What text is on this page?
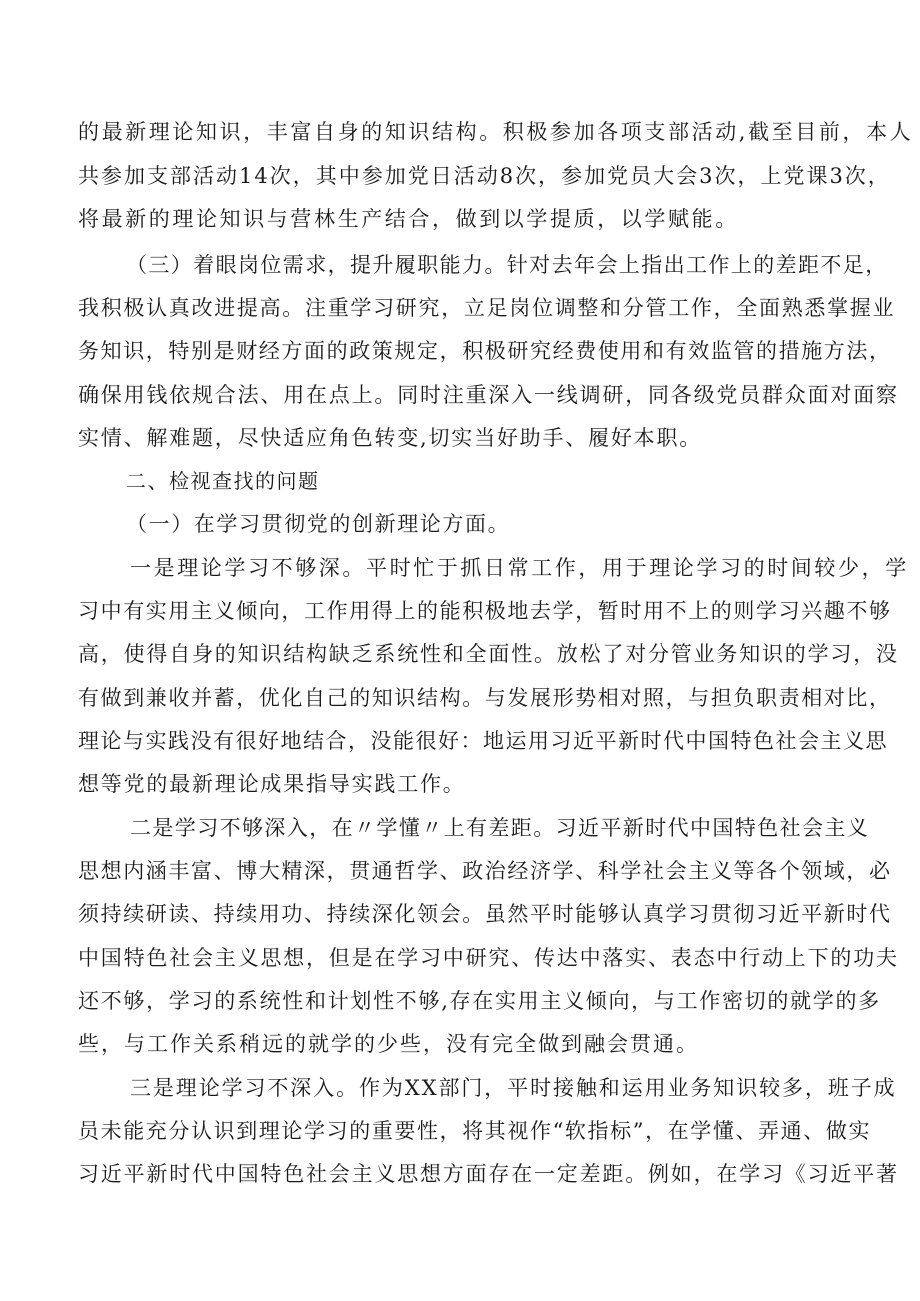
的最新理论知识，丰富自身的知识结构。积极参加各项支部活动,截至目前，本人
共参加支部活动14次，其中参加党日活动8次，参加党员大会3次，上党课3次，
将最新的理论知识与营林生产结合，做到以学提质，以学赋能。
（三）着眼岗位需求，提升履职能力。针对去年会上指出工作上的差距不足，
我积极认真改进提高。注重学习研究，立足岗位调整和分管工作，全面熟悉掌握业
务知识，特别是财经方面的政策规定，积极研究经费使用和有效监管的措施方法，
确保用钱依规合法、用在点上。同时注重深入一线调研，同各级党员群众面对面察
实情、解难题，尽快适应角色转变,切实当好助手、履好本职。
二、检视查找的问题
（一）在学习贯彻党的创新理论方面。
一是理论学习不够深。平时忙于抓日常工作，用于理论学习的时间较少，学
习中有实用主义倾向，工作用得上的能积极地去学，暂时用不上的则学习兴趣不够
高，使得自身的知识结构缺乏系统性和全面性。放松了对分管业务知识的学习，没
有做到兼收并蓄，优化自己的知识结构。与发展形势相对照，与担负职责相对比，
理论与实践没有很好地结合，没能很好：地运用习近平新时代中国特色社会主义思
想等党的最新理论成果指导实践工作。
二是学习不够深入，在〃学懂〃上有差距。习近平新时代中国特色社会主义
思想内涵丰富、博大精深，贯通哲学、政治经济学、科学社会主义等各个领域，必
须持续研读、持续用功、持续深化领会。虽然平时能够认真学习贯彻习近平新时代
中国特色社会主义思想，但是在学习中研究、传达中落实、表态中行动上下的功夫
还不够，学习的系统性和计划性不够,存在实用主义倾向，与工作密切的就学的多
些，与工作关系稍远的就学的少些，没有完全做到融会贯通。
三是理论学习不深入。作为XX部门，平时接触和运用业务知识较多，班子成
员未能充分认识到理论学习的重要性，将其视作“软指标”，在学懂、弄通、做实
习近平新时代中国特色社会主义思想方面存在一定差距。例如，在学习《习近平著
